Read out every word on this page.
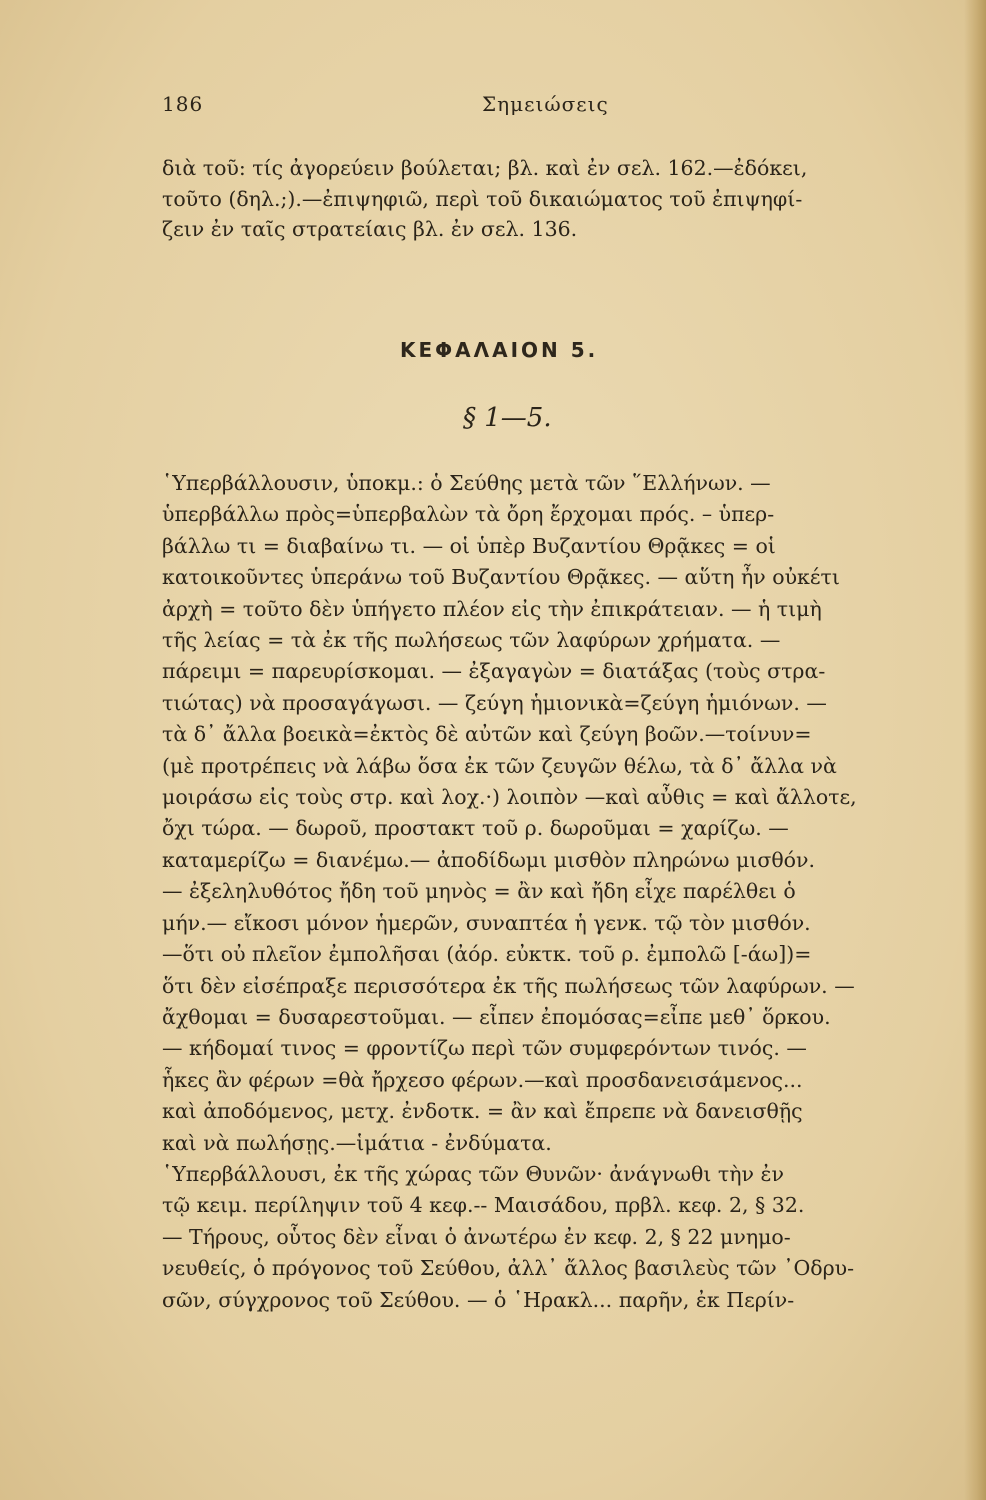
186	Σημειώσεις
διὰ τοῦ: τίς ἀγορεύειν βούλεται; βλ. καὶ ἐν σελ. 162.—ἐδόκει,
τοῦτο (δηλ.;).—ἐπιψηφιῶ, περὶ τοῦ δικαιώματος τοῦ ἐπιψηφί-
ζειν ἐν ταῖς στρατείαις βλ. ἐν σελ. 136.
ΚΕΦΑΛΑΙΟΝ 5.
§ 1—5.
῾Υπερβάλλουσιν, ὑποκμ.: ὁ Σεύθης μετὰ τῶν ῞Ελλήνων. —
ὑπερβάλλω πρὸς=ὑπερβαλὼν τὰ ὄρη ἔρχομαι πρός. – ὑπερ-
βάλλω τι = διαβαίνω τι. — οἱ ὑπὲρ Βυζαντίου Θρᾷκες = οἱ
κατοικοῦντες ὑπεράνω τοῦ Βυζαντίου Θρᾷκες. — αὕτη ἦν οὐκέτι
ἀρχὴ = τοῦτο δὲν ὑπήγετο πλέον εἰς τὴν ἐπικράτειαν. — ἡ τιμὴ
τῆς λείας = τὰ ἐκ τῆς πωλήσεως τῶν λαφύρων χρήματα. —
πάρειμι = παρευρίσκομαι. — ἐξαγαγὼν = διατάξας (τοὺς στρα-
τιώτας) νὰ προσαγάγωσι. — ζεύγη ἡμιονικὰ=ζεύγη ἡμιόνων. —
τὰ δ᾽ ἄλλα βοεικὰ=ἐκτὸς δὲ αὐτῶν καὶ ζεύγη βοῶν.—τοίνυν=
(μὲ προτρέπεις νὰ λάβω ὅσα ἐκ τῶν ζευγῶν θέλω, τὰ δ᾽ ἄλλα νὰ
μοιράσω εἰς τοὺς στρ. καὶ λοχ.·) λοιπὸν —καὶ αὖθις = καὶ ἄλλοτε,
ὄχι τώρα. — δωροῦ, προστακτ τοῦ ρ. δωροῦμαι = χαρίζω. —
καταμερίζω = διανέμω.— ἀποδίδωμι μισθὸν πληρώνω μισθόν.
— ἐξεληλυθότος ἤδη τοῦ μηνὸς = ἂν καὶ ἤδη εἶχε παρέλθει ὁ
μήν.— εἴκοσι μόνον ἡμερῶν, συναπτέα ἡ γενκ. τῷ τὸν μισθόν.
—ὅτι οὐ πλεῖον ἐμπολῆσαι (ἀόρ. εὐκτκ. τοῦ ρ. ἐμπολῶ [-άω])=
ὅτι δὲν εἰσέπραξε περισσότερα ἐκ τῆς πωλήσεως τῶν λαφύρων. —
ἄχθομαι = δυσαρεστοῦμαι. — εἶπεν ἐπομόσας=εἶπε μεθ᾽ ὅρκου.
— κήδομαί τινος = φροντίζω περὶ τῶν συμφερόντων τινός. —
ἧκες ἂν φέρων =θὰ ἤρχεσο φέρων.—καὶ προσδανεισάμενος...
καὶ ἀποδόμενος, μετχ. ἐνδοτκ. = ἂν καὶ ἔπρεπε νὰ δανεισθῇς
καὶ νὰ πωλήσῃς.—ἱμάτια - ἐνδύματα.
῾Υπερβάλλουσι, ἐκ τῆς χώρας τῶν Θυνῶν· ἀνάγνωθι τὴν ἐν
τῷ κειμ. περίληψιν τοῦ 4 κεφ.-- Μαισάδου, πρβλ. κεφ. 2, § 32.
— Τήρους, οὗτος δὲν εἶναι ὁ ἀνωτέρω ἐν κεφ. 2, § 22 μνημο-
νευθείς, ὁ πρόγονος τοῦ Σεύθου, ἀλλ᾽ ἄλλος βασιλεὺς τῶν ᾽Οδρυ-
σῶν, σύγχρονος τοῦ Σεύθου. — ὁ ῾Ηρακλ... παρῆν, ἐκ Περίν-
